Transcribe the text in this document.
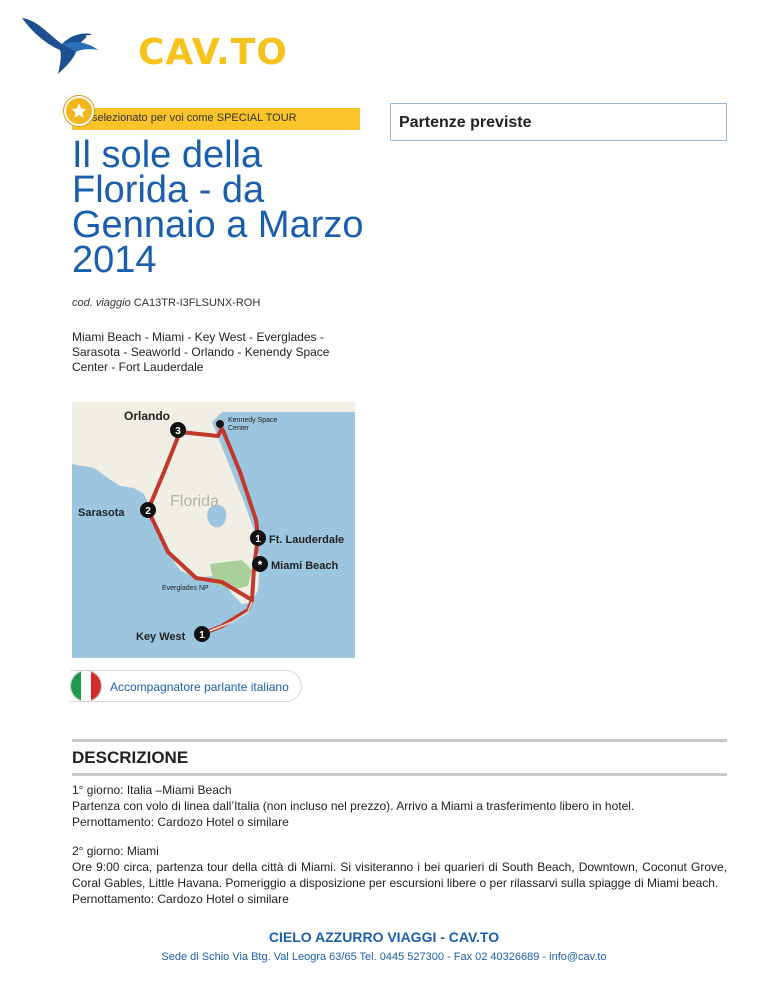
CAV.TO
selezionato per voi come SPECIAL TOUR
Il sole della Florida - da Gennaio a Marzo 2014
cod. viaggio CA13TR-I3FLSUNX-ROH
Miami Beach - Miami - Key West - Everglades - Sarasota - Seaworld - Orlando - Kenendy Space Center - Fort Lauderdale
3
2
1
*
1
Orlando	Kennedy Space
Center
Florida
Sarasota
Ft. Lauderdale
Miami Beach
Everglades NP
Key West
Accompagnatore parlante italiano
Partenze previste
DESCRIZIONE
1° giorno: Italia –Miami Beach
Partenza con volo di linea dall’Italia (non incluso nel prezzo). Arrivo a Miami a trasferimento libero in hotel.
Pernottamento: Cardozo Hotel o similare
2° giorno: Miami
Ore 9:00 circa, partenza tour della città di Miami. Si visiteranno i bei quarieri di South Beach, Downtown, Coconut Grove, Coral Gables, Little Havana. Pomeriggio a disposizione per escursioni libere o per rilassarvi sulla spiagge di Miami beach.
Pernottamento: Cardozo Hotel o similare
CIELO AZZURRO VIAGGI - CAV.TO
Sede di Schio Via Btg. Val Leogra 63/65 Tel. 0445 527300 - Fax 02 40326689 - info@cav.to
